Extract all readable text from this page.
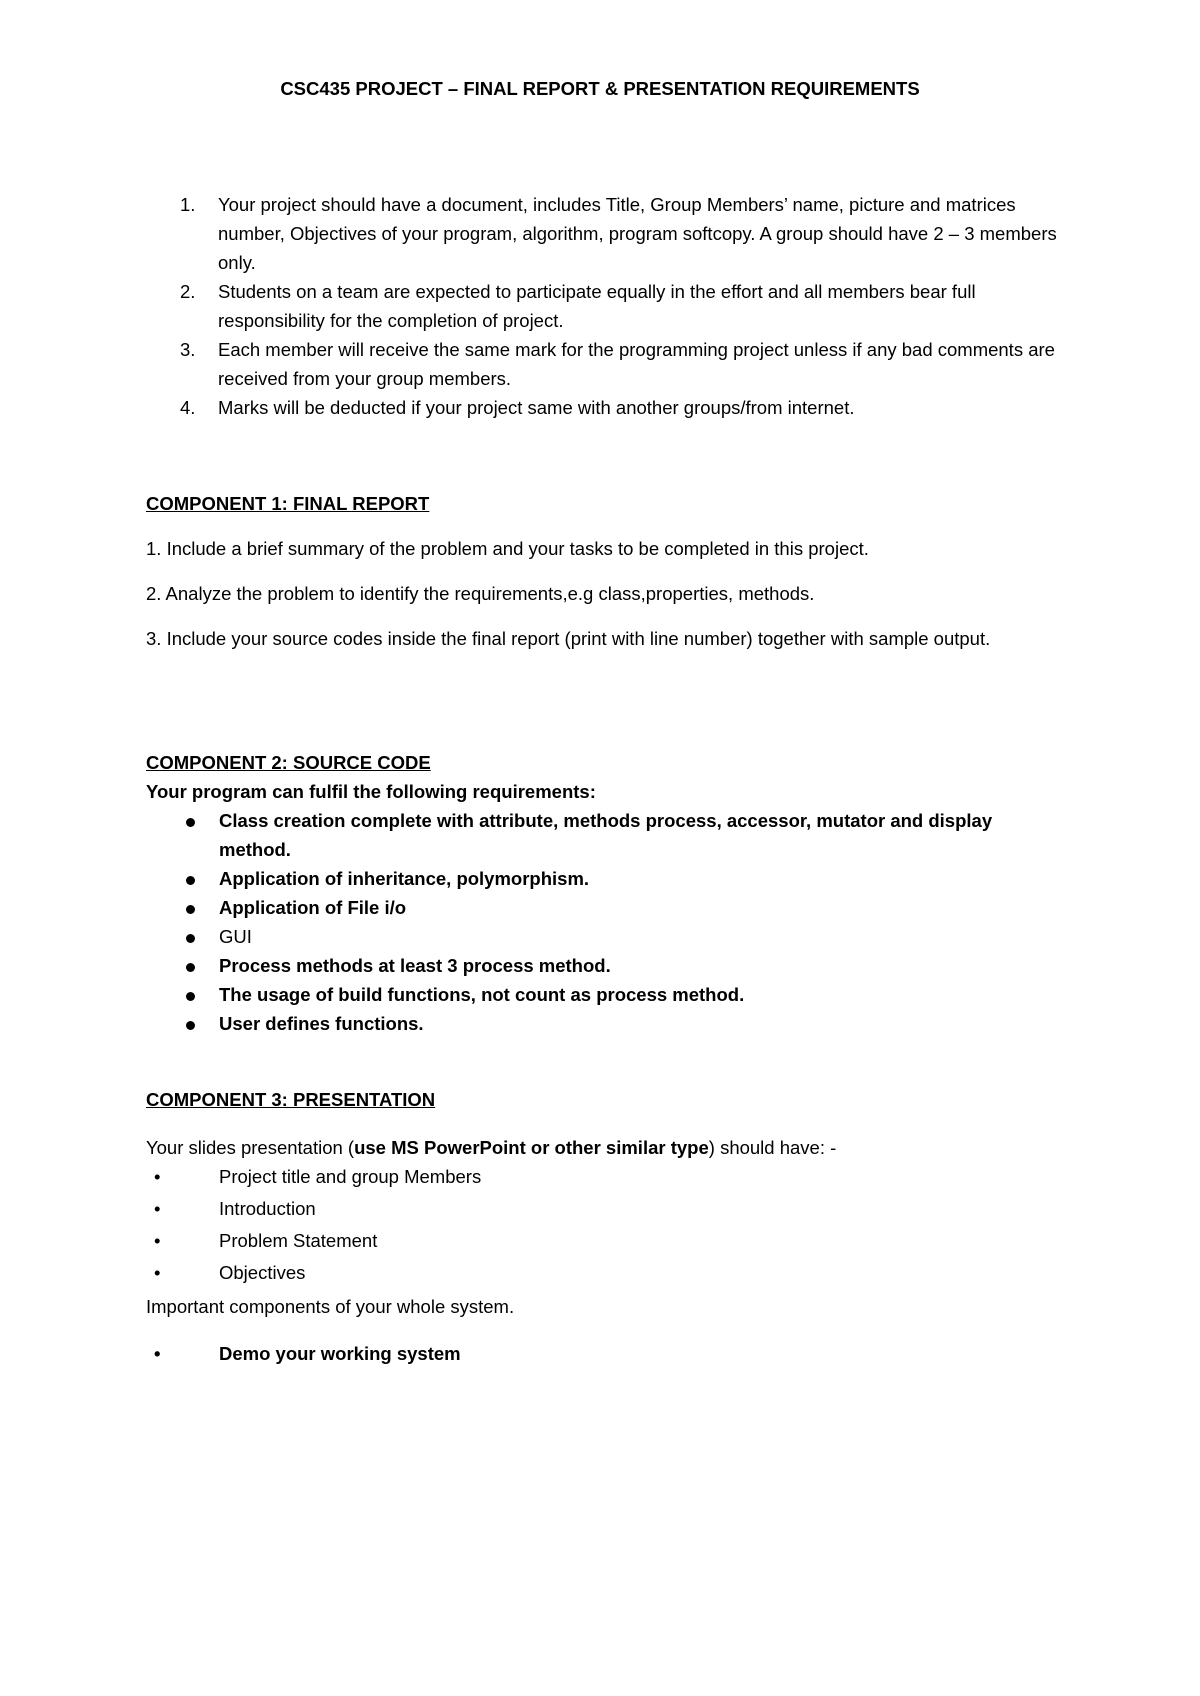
CSC435 PROJECT – FINAL REPORT & PRESENTATION REQUIREMENTS
1.	Your project should have a document, includes Title, Group Members’ name, picture and matrices number, Objectives of your program, algorithm, program softcopy. A group should have 2 – 3 members only.
2.	Students on a team are expected to participate equally in the effort and all members bear full responsibility for the completion of project.
3.	Each member will receive the same mark for the programming project unless if any bad comments are received from your group members.
4.	Marks will be deducted if your project same with another groups/from internet.
COMPONENT 1: FINAL REPORT

1. Include a brief summary of the problem and your tasks to be completed in this project.

2. Analyze the problem to identify the requirements,e.g class,properties, methods.

3. Include your source codes inside the final report (print with line number) together with sample output.

COMPONENT 2: SOURCE CODE

Your program can fulfil the following requirements:

Class creation complete with attribute, methods process, accessor, mutator and display method.
Application of inheritance, polymorphism.
Application of File i/o
GUI
Process methods at least 3 process method.
The usage of build functions, not count as process method.
User defines functions.
COMPONENT 3: PRESENTATION

Your slides presentation (use MS PowerPoint or other similar type) should have: -

•	Project title and group Members
•	Introduction
•	Problem Statement
•	Objectives

Important components of your whole system.

•	Demo your working system
